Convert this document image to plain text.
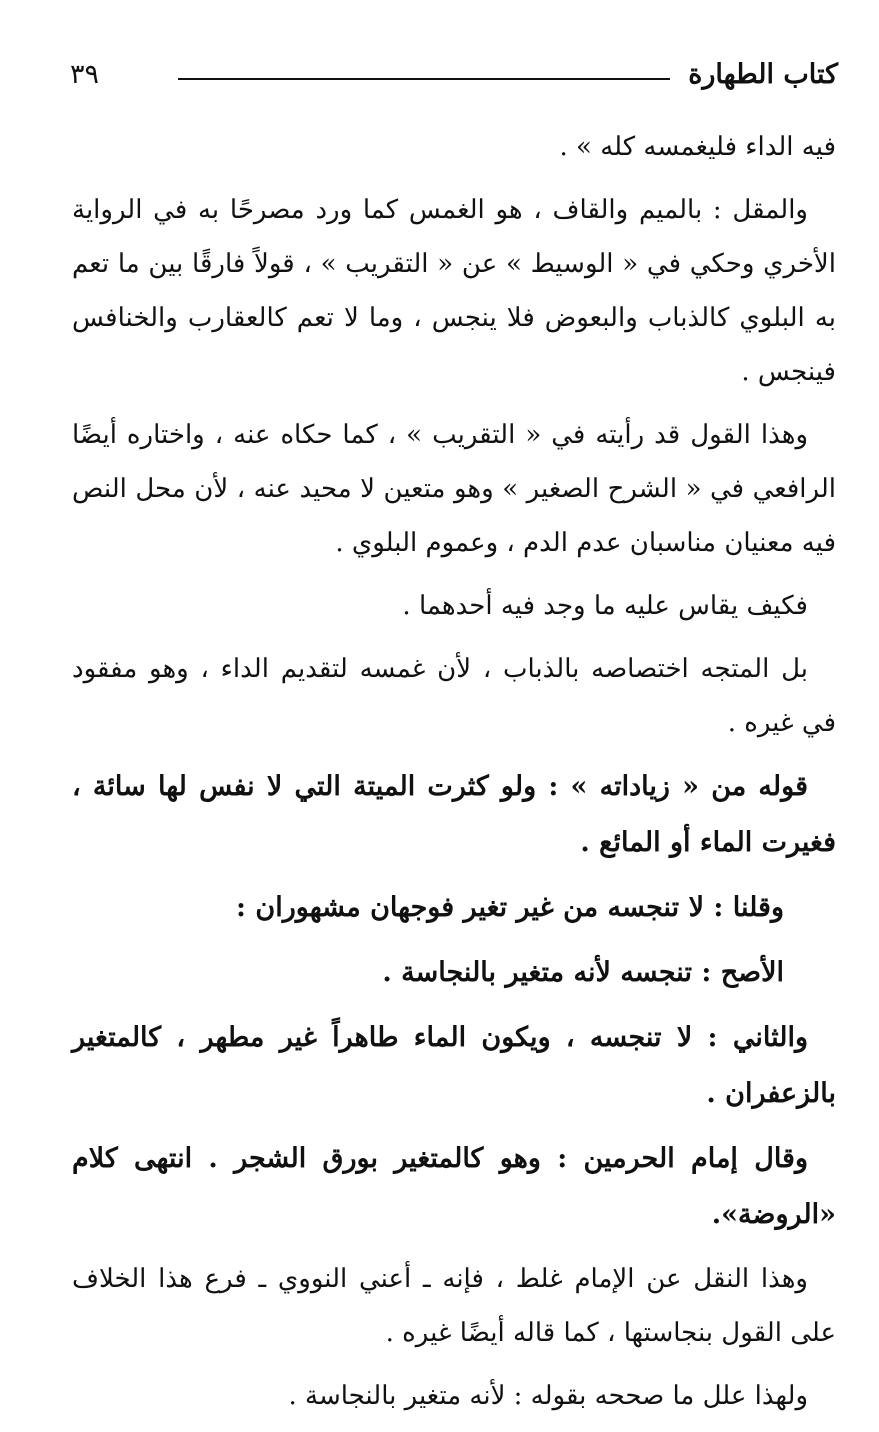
٣٩	كتاب الطهارة

فيه الداء فليغمسه كله » .

والمقل : بالميم والقاف ، هو الغمس كما ورد مصرحًا به في الرواية الأخري وحكي في « الوسيط » عن « التقريب » ، قولاً فارقًا بين ما تعم به البلوي كالذباب والبعوض فلا ينجس ، وما لا تعم كالعقارب والخنافس فينجس .

وهذا القول قد رأيته في « التقريب » ، كما حكاه عنه ، واختاره أيضًا الرافعي في « الشرح الصغير » وهو متعين لا محيد عنه ، لأن محل النص فيه معنيان مناسبان عدم الدم ، وعموم البلوي .

فكيف يقاس عليه ما وجد فيه أحدهما .

بل المتجه اختصاصه بالذباب ، لأن غمسه لتقديم الداء ، وهو مفقود في غيره .

قوله من « زياداته » : ولو كثرت الميتة التي لا نفس لها سائة ، فغيرت الماء أو المائع .

وقلنا : لا تنجسه من غير تغير فوجهان مشهوران :

الأصح : تنجسه لأنه متغير بالنجاسة .

والثاني : لا تنجسه ، ويكون الماء طاهراً غير مطهر ، كالمتغير بالزعفران .

وقال إمام الحرمين : وهو كالمتغير بورق الشجر . انتهى كلام «الروضة».

وهذا النقل عن الإمام غلط ، فإنه ـ أعني النووي ـ فرع هذا الخلاف على القول بنجاستها ، كما قاله أيضًا غيره .

ولهذا علل ما صححه بقوله : لأنه متغير بالنجاسة .
